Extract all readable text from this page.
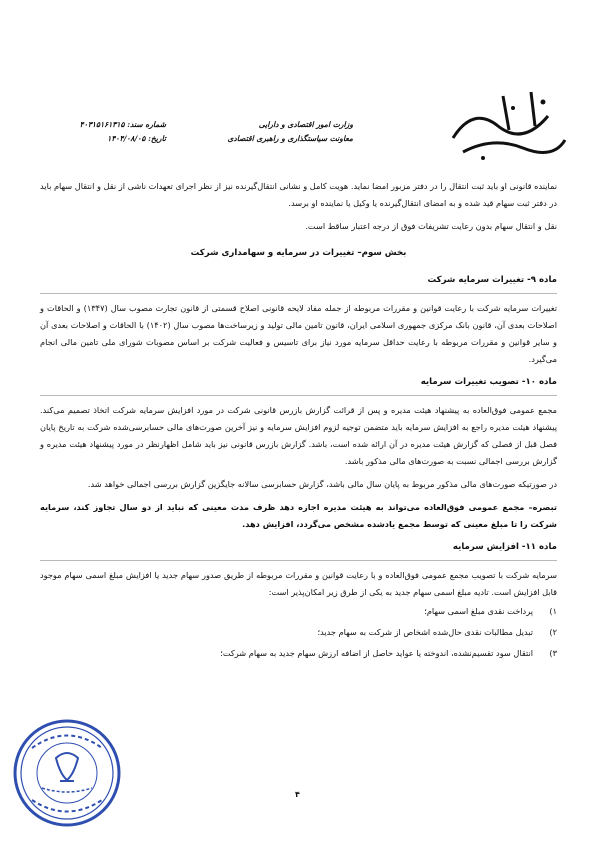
وزارت امور اقتصادی و دارایی
معاونت سیاستگذاری و راهبری اقتصادی
شماره سند: ۴۰۳۱۵۱۶۱۳۱۵
تاریخ: ۱۴۰۴/۰۸/۰۵

نماینده قانونی او باید ثبت انتقال را در دفتر مزبور امضا نماید. هویت کامل و نشانی انتقال‌گیرنده نیز از نظر اجرای تعهدات ناشی از نقل و انتقال سهام باید در دفتر ثبت سهام قید شده و به امضای انتقال‌گیرنده یا وکیل یا نماینده او برسد.

نقل و انتقال سهام بدون رعایت تشریفات فوق از درجه اعتبار ساقط است.

بخش سوم– تغییرات در سرمایه و سهامداری شرکت

ماده ۹- تغییرات سرمایه شرکت

تغییرات سرمایه شرکت با رعایت قوانین و مقررات مربوطه از جمله مفاد لایحه قانونی اصلاح قسمتی از قانون تجارت مصوب سال (۱۳۴۷) و الحاقات و اصلاحات بعدی آن، قانون بانک مرکزی جمهوری اسلامی ایران، قانون تامین مالی تولید و زیرساخت‌ها مصوب سال (۱۴۰۲) با الحاقات و اصلاحات بعدی آن و سایر قوانین و مقررات مربوطه با رعایت حداقل سرمایه مورد نیاز برای تاسیس و فعالیت شرکت بر اساس مصوبات شورای ملی تامین مالی انجام می‌گیرد.

ماده ۱۰- تصویب تغییرات سرمایه

مجمع عمومی فوق‌العاده به پیشنهاد هیئت مدیره و پس از قرائت گزارش بازرس قانونی شرکت در مورد افزایش سرمایه شرکت اتخاذ تصمیم می‌کند. پیشنهاد هیئت مدیره راجع به افزایش سرمایه باید متضمن توجیه لزوم افزایش سرمایه و نیز آخرین صورت‌های مالی حسابرسی‌شده شرکت به تاریخ پایان فصل قبل از فصلی که گزارش هیئت مدیره در آن ارائه شده است، باشد. گزارش بازرس قانونی نیز باید شامل اظهارنظر در مورد پیشنهاد هیئت مدیره و گزارش بررسی اجمالی نسبت به صورت‌های مالی مذکور باشد.

در صورتیکه صورت‌های مالی مذکور مربوط به پایان سال مالی باشد، گزارش حسابرسی سالانه جایگزین گزارش بررسی اجمالی خواهد شد.

تبصره– مجمع عمومی فوق‌العاده می‌تواند به هیئت مدیره اجازه دهد ظرف مدت معینی که نباید از دو سال تجاوز کند، سرمایه شرکت را تا مبلغ معینی که توسط مجمع یادشده مشخص می‌گردد، افزایش دهد.

ماده ۱۱- افزایش سرمایه

سرمایه شرکت با تصویب مجمع عمومی فوق‌العاده و با رعایت قوانین و مقررات مربوطه از طریق صدور سهام جدید یا افزایش مبلغ اسمی سهام موجود قابل افزایش است. تادیه مبلغ اسمی سهام جدید به یکی از طرق زیر امکان‌پذیر است:

۱)
پرداخت نقدی مبلغ اسمی سهام؛
۲)
تبدیل مطالبات نقدی حال‌شده اشخاص از شرکت به سهام جدید؛
۳)
انتقال سود تقسیم‌نشده، اندوخته یا عواید حاصل از اضافه ارزش سهام جدید به سهام شرکت؛
۴
